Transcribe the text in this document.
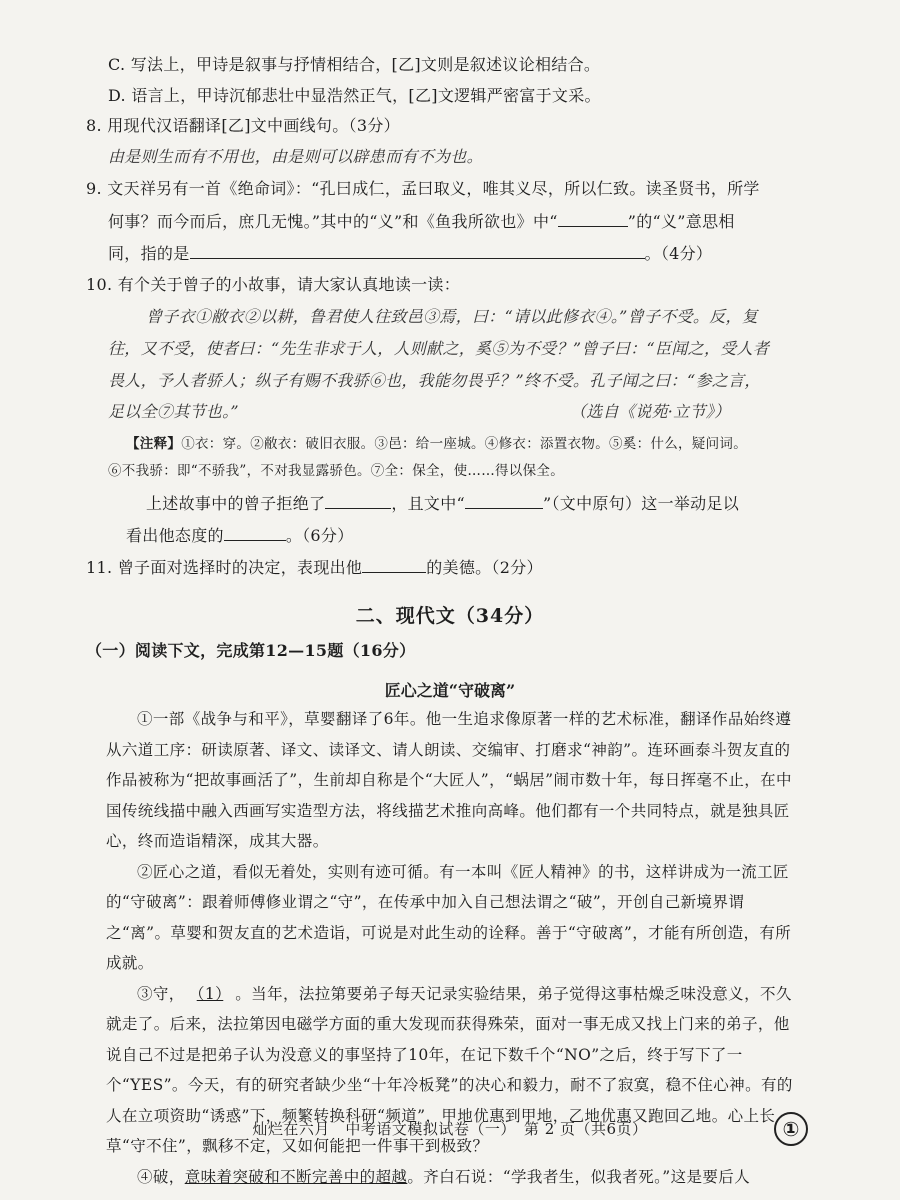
C. 写法上，甲诗是叙事与抒情相结合，[乙]文则是叙述议论相结合。
D. 语言上，甲诗沉郁悲壮中显浩然正气，[乙]文逻辑严密富于文采。
8. 用现代汉语翻译[乙]文中画线句。（3分）
由是则生而有不用也，由是则可以辟患而有不为也。
9. 文天祥另有一首《绝命词》：“孔曰成仁，孟曰取义，唯其义尽，所以仁致。读圣贤书，所学
何事？而今而后，庶几无愧。”其中的“义”和《鱼我所欲也》中“	”的“义”意思相
同，指的是	。（4分）
10. 有个关于曾子的小故事，请大家认真地读一读：
曾子衣①敝衣②以耕，鲁君使人往致邑③焉，曰：“请以此修衣④。”曾子不受。反，复
往，又不受，使者曰：“先生非求于人，人则献之，奚⑤为不受？”曾子曰：“臣闻之，受人者
畏人，予人者骄人；纵子有赐不我骄⑥也，我能勿畏乎？”终不受。孔子闻之曰：“参之言，
足以全⑦其节也。”	（选自《说苑·立节》）
【注释】①衣：穿。②敝衣：破旧衣服。③邑：给一座城。④修衣：添置衣物。⑤奚：什么，疑问词。
⑥不我骄：即“不骄我”，不对我显露骄色。⑦全：保全，使……得以保全。
上述故事中的曾子拒绝了	，且文中“	”（文中原句）这一举动足以
看出他态度的	。（6分）
11. 曾子面对选择时的决定，表现出他	的美德。（2分）
二、现代文（34分）
（一）阅读下文，完成第12—15题（16分）
匠心之道“守破离”

①一部《战争与和平》，草婴翻译了6年。他一生追求像原著一样的艺术标准，翻译作品始终遵从六道工序：研读原著、译文、读译文、请人朗读、交编审、打磨求“神韵”。连环画泰斗贺友直的作品被称为“把故事画活了”，生前却自称是个“大匠人”，“蜗居”闹市数十年，每日挥毫不止，在中国传统线描中融入西画写实造型方法，将线描艺术推向高峰。他们都有一个共同特点，就是独具匠心，终而造诣精深，成其大器。

②匠心之道，看似无着处，实则有迹可循。有一本叫《匠人精神》的书，这样讲成为一流工匠的“守破离”：跟着师傅修业谓之“守”，在传承中加入自己想法谓之“破”，开创自己新境界谓之“离”。草婴和贺友直的艺术造诣，可说是对此生动的诠释。善于“守破离”，才能有所创造，有所成就。

③守， （1） 。当年，法拉第要弟子每天记录实验结果，弟子觉得这事枯燥乏味没意义，不久就走了。后来，法拉第因电磁学方面的重大发现而获得殊荣，面对一事无成又找上门来的弟子，他说自己不过是把弟子认为没意义的事坚持了10年，在记下数千个“NO”之后，终于写下了一个“YES”。今天，有的研究者缺少坐“十年冷板凳”的决心和毅力，耐不了寂寞，稳不住心神。有的人在立项资助“诱惑”下，频繁转换科研“频道”，甲地优惠到甲地，乙地优惠又跑回乙地。心上长草“守不住”，飘移不定，又如何能把一件事干到极致？

④破，意味着突破和不断完善中的超越。齐白石说：“学我者生，似我者死。”这是要后人

灿烂在六月　中考语文模拟试卷（一）　第 2 页（共6页）	①
